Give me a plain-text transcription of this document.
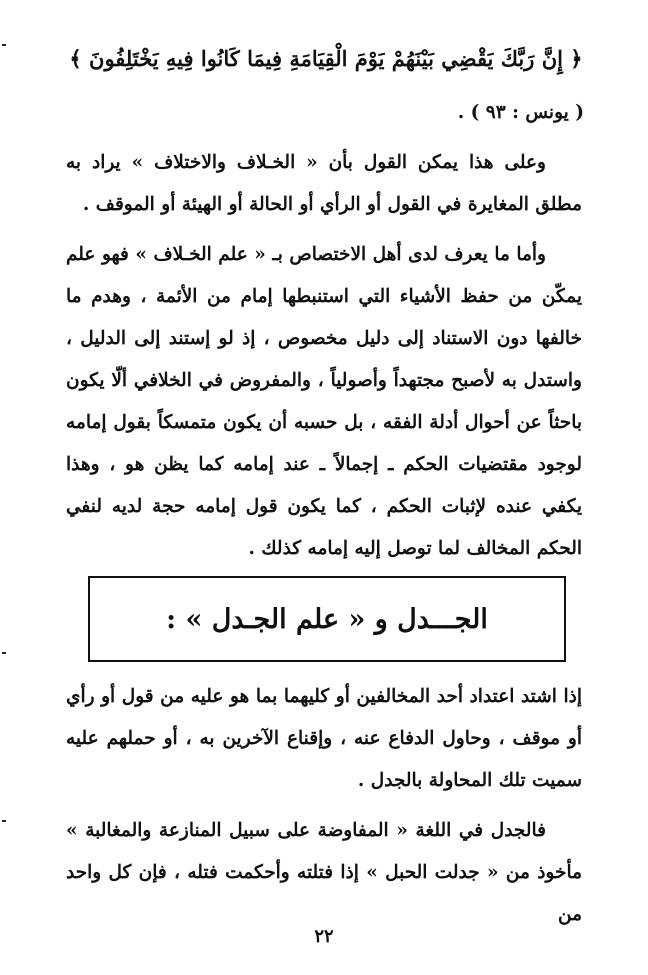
﴿ إِنَّ رَبَّكَ يَقْضِي بَيْنَهُمْ يَوْمَ الْقِيَامَةِ فِيمَا كَانُوا فِيهِ يَخْتَلِفُونَ ﴾
( يونس : ٩٣ ) .

وعلى هذا يمكن القول بأن « الخـلاف والاختلاف » يراد به مطلق المغايرة في القول أو الرأي أو الحالة أو الهيئة أو الموقف .

وأما ما يعرف لدى أهل الاختصاص بـ « علم الخـلاف » فهو علم يمكّن من حفظ الأشياء التي استنبطها إمام من الأئمة ، وهدم ما خالفها دون الاستناد إلى دليل مخصوص ، إذ لو إستند إلى الدليل ، واستدل به لأصبح مجتهداً وأصولياً ، والمفروض في الخلافي ألّا يكون باحثاً عن أحوال أدلة الفقه ، بل حسبه أن يكون متمسكاً بقول إمامه لوجود مقتضيات الحكم ـ إجمالاً ـ عند إمامه كما يظن هو ، وهذا يكفي عنده لإثبات الحكم ، كما يكون قول إمامه حجة لديه لنفي الحكم المخالف لما توصل إليه إمامه كذلك .

الجـــدل و « علم الجـدل » :

إذا اشتد اعتداد أحد المخالفين أو كليهما بما هو عليه من قول أو رأي أو موقف ، وحاول الدفاع عنه ، وإقناع الآخرين به ، أو حملهم عليه سميت تلك المحاولة بالجدل .

فالجدل في اللغة « المفاوضة على سبيل المنازعة والمغالبة » مأخوذ من « جدلت الحبل » إذا فتلته وأحكمت فتله ، فإن كل واحد من

٢٢
